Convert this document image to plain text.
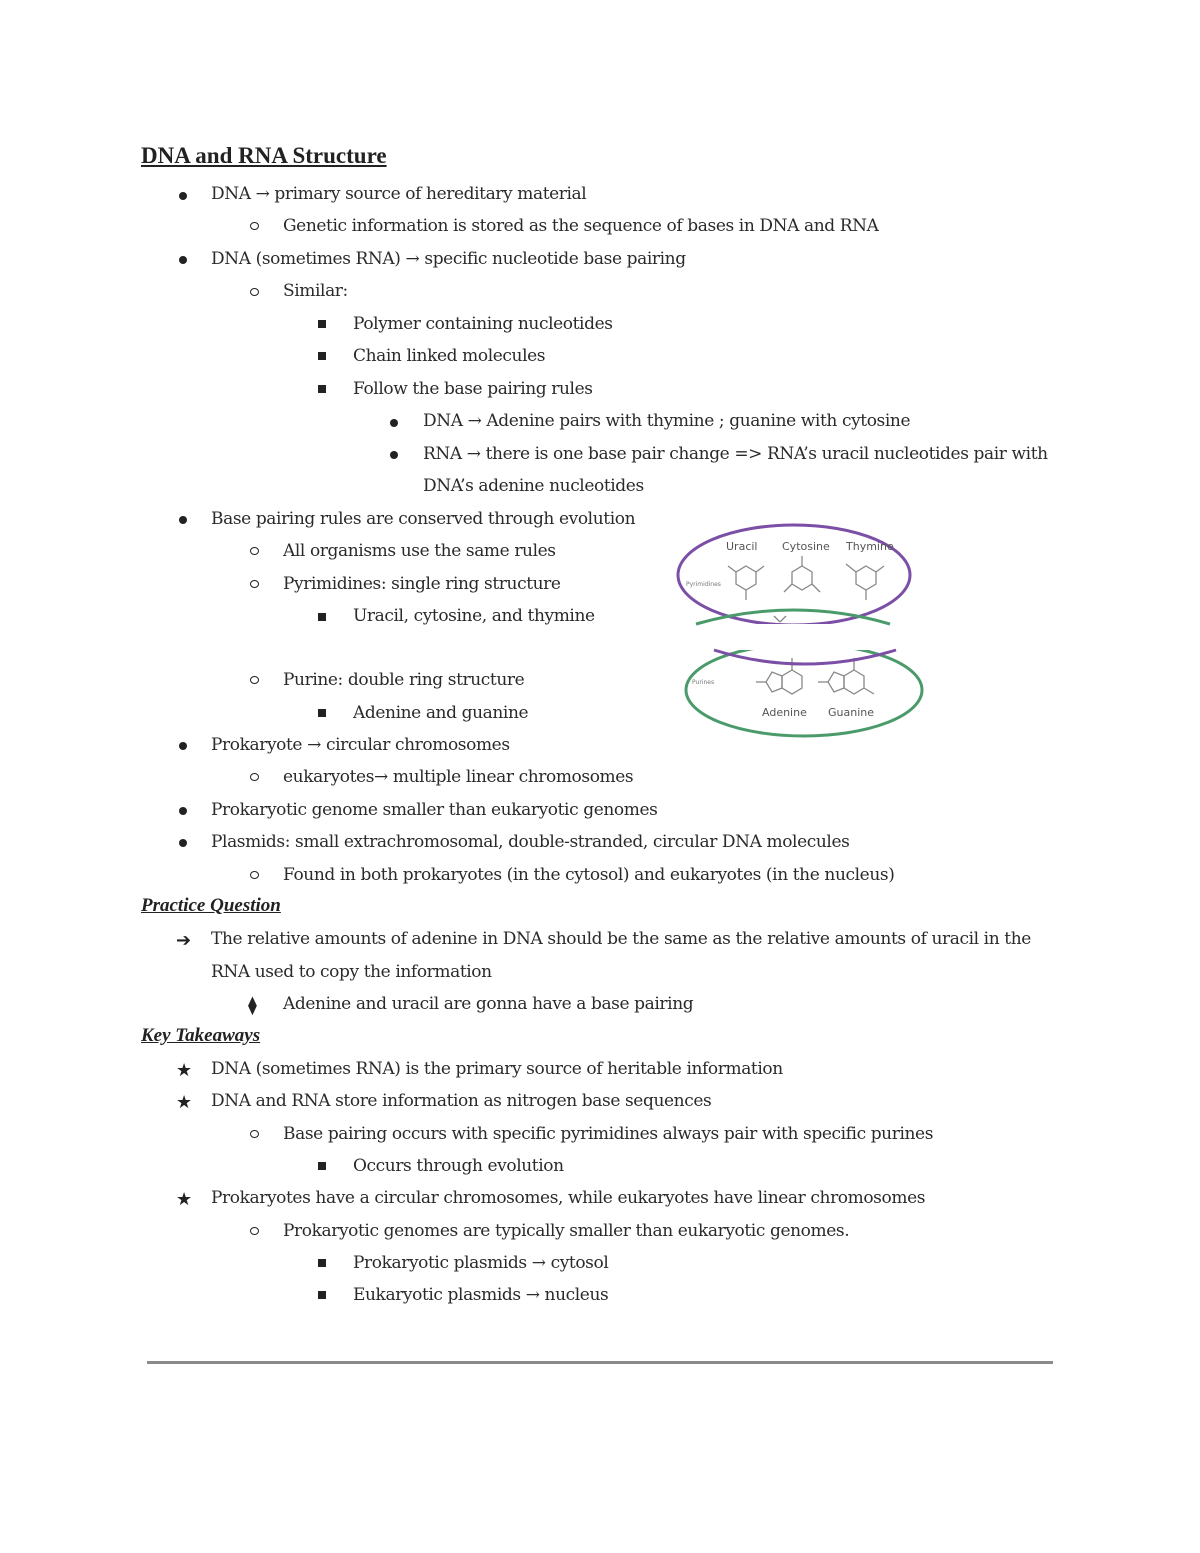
DNA and RNA Structure
DNA → primary source of hereditary material
Genetic information is stored as the sequence of bases in DNA and RNA
DNA (sometimes RNA) → specific nucleotide base pairing
Similar:
Polymer containing nucleotides
Chain linked molecules
Follow the base pairing rules
DNA → Adenine pairs with thymine ; guanine with cytosine
RNA → there is one base pair change => RNA’s uracil nucleotides pair with
DNA’s adenine nucleotides
Base pairing rules are conserved through evolution
All organisms use the same rules
Pyrimidines: single ring structure
Uracil, cytosine, and thymine
Purine: double ring structure
Adenine and guanine
Prokaryote → circular chromosomes
eukaryotes→ multiple linear chromosomes
Prokaryotic genome smaller than eukaryotic genomes
Plasmids: small extrachromosomal, double-stranded, circular DNA molecules
Found in both prokaryotes (in the cytosol) and eukaryotes (in the nucleus)
Pyrimidines
Uracil Cytosine Thymine
Purines
Adenine Guanine
Practice Question
➔ The relative amounts of adenine in DNA should be the same as the relative amounts of uracil in the
RNA used to copy the information
⧫ Adenine and uracil are gonna have a base pairing
Key Takeaways
★ DNA (sometimes RNA) is the primary source of heritable information
★ DNA and RNA store information as nitrogen base sequences
Base pairing occurs with specific pyrimidines always pair with specific purines
Occurs through evolution
★ Prokaryotes have a circular chromosomes, while eukaryotes have linear chromosomes
Prokaryotic genomes are typically smaller than eukaryotic genomes.
Prokaryotic plasmids → cytosol
Eukaryotic plasmids → nucleus
